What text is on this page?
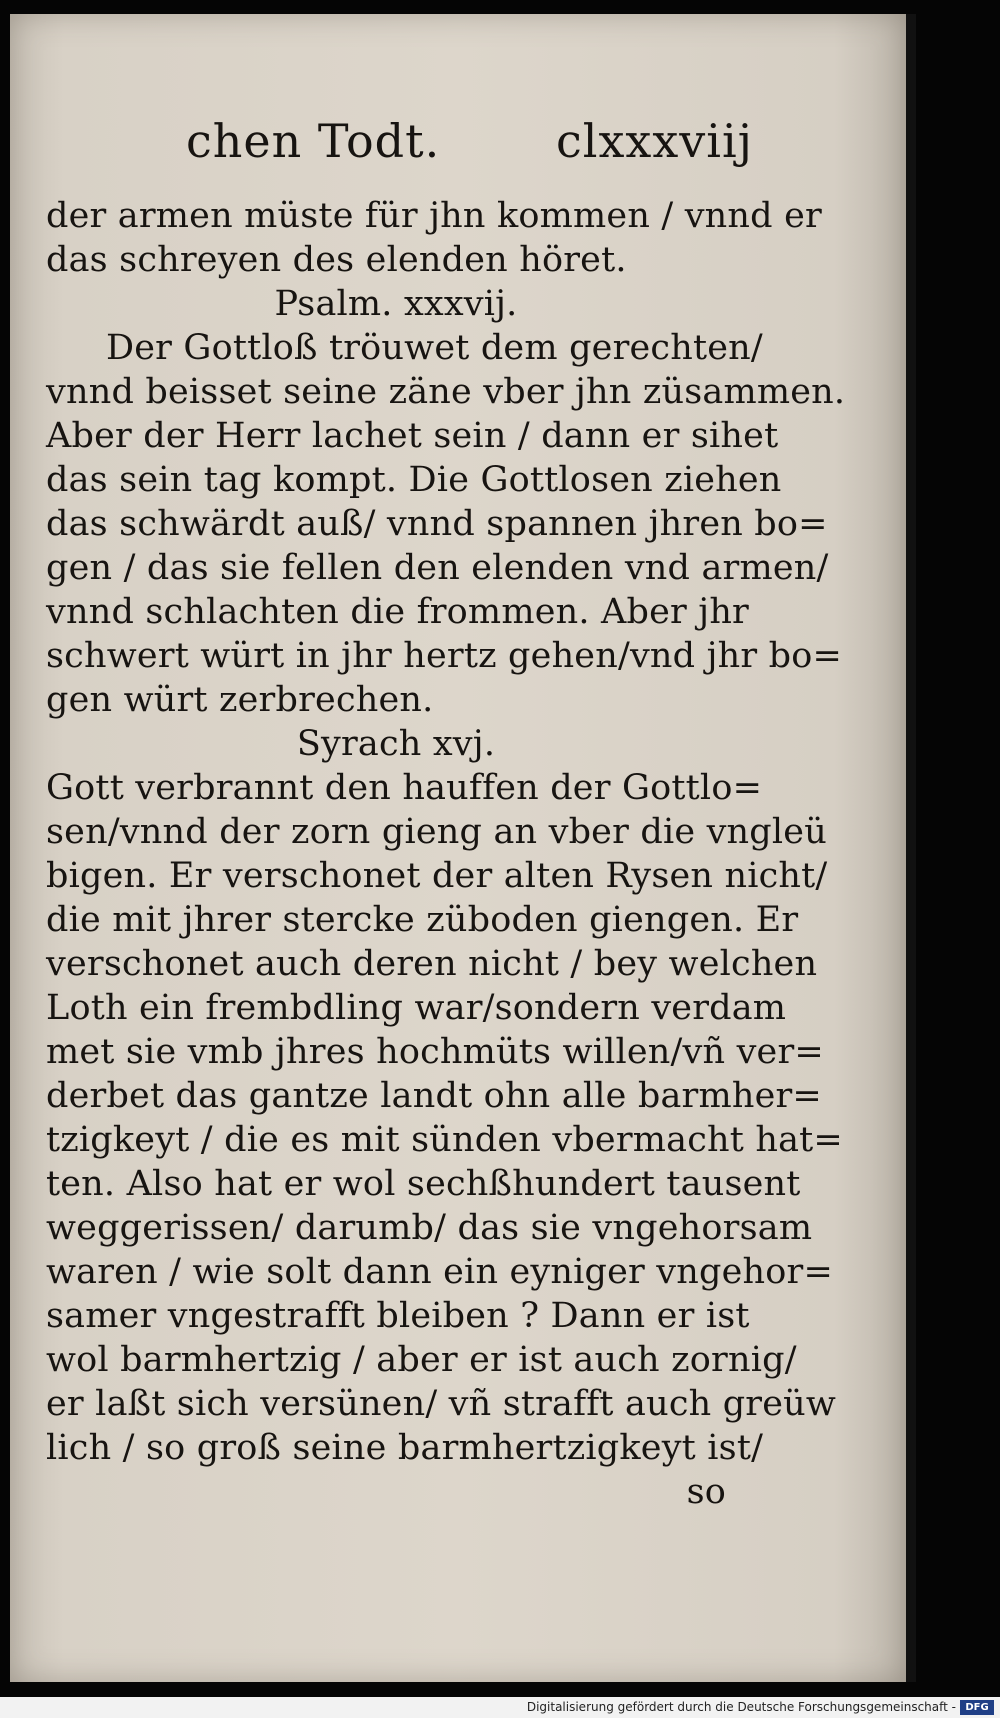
chen Todt.	clxxxviij
der armen müste für jhn kommen / vnnd er
das schreyen des elenden höret.
Psalm. xxxvij.
Der Gottloß tröuwet dem gerechten/
vnnd beisset seine zäne vber jhn züsammen.
Aber der Herr lachet sein / dann er sihet
das sein tag kompt. Die Gottlosen ziehen
das schwärdt auß/ vnnd spannen jhren bo=
gen / das sie fellen den elenden vnd armen/
vnnd schlachten die frommen. Aber jhr
schwert würt in jhr hertz gehen/vnd jhr bo=
gen würt zerbrechen.
Syrach xvj.
Gott verbrannt den hauffen der Gottlo=
sen/vnnd der zorn gieng an vber die vngleü
bigen. Er verschonet der alten Rysen nicht/
die mit jhrer stercke züboden giengen. Er
verschonet auch deren nicht / bey welchen
Loth ein frembdling war/sondern verdam
met sie vmb jhres hochmüts willen/vñ ver=
derbet das gantze landt ohn alle barmher=
tzigkeyt / die es mit sünden vbermacht hat=
ten. Also hat er wol sechßhundert tausent
weggerissen/ darumb/ das sie vngehorsam
waren / wie solt dann ein eyniger vngehor=
samer vngestrafft bleiben ? Dann er ist
wol barmhertzig / aber er ist auch zornig/
er laßt sich versünen/ vñ strafft auch greüw
lich / so groß seine barmhertzigkeyt ist/
so
Digitalisierung gefördert durch die Deutsche Forschungsgemeinschaft - DFG
